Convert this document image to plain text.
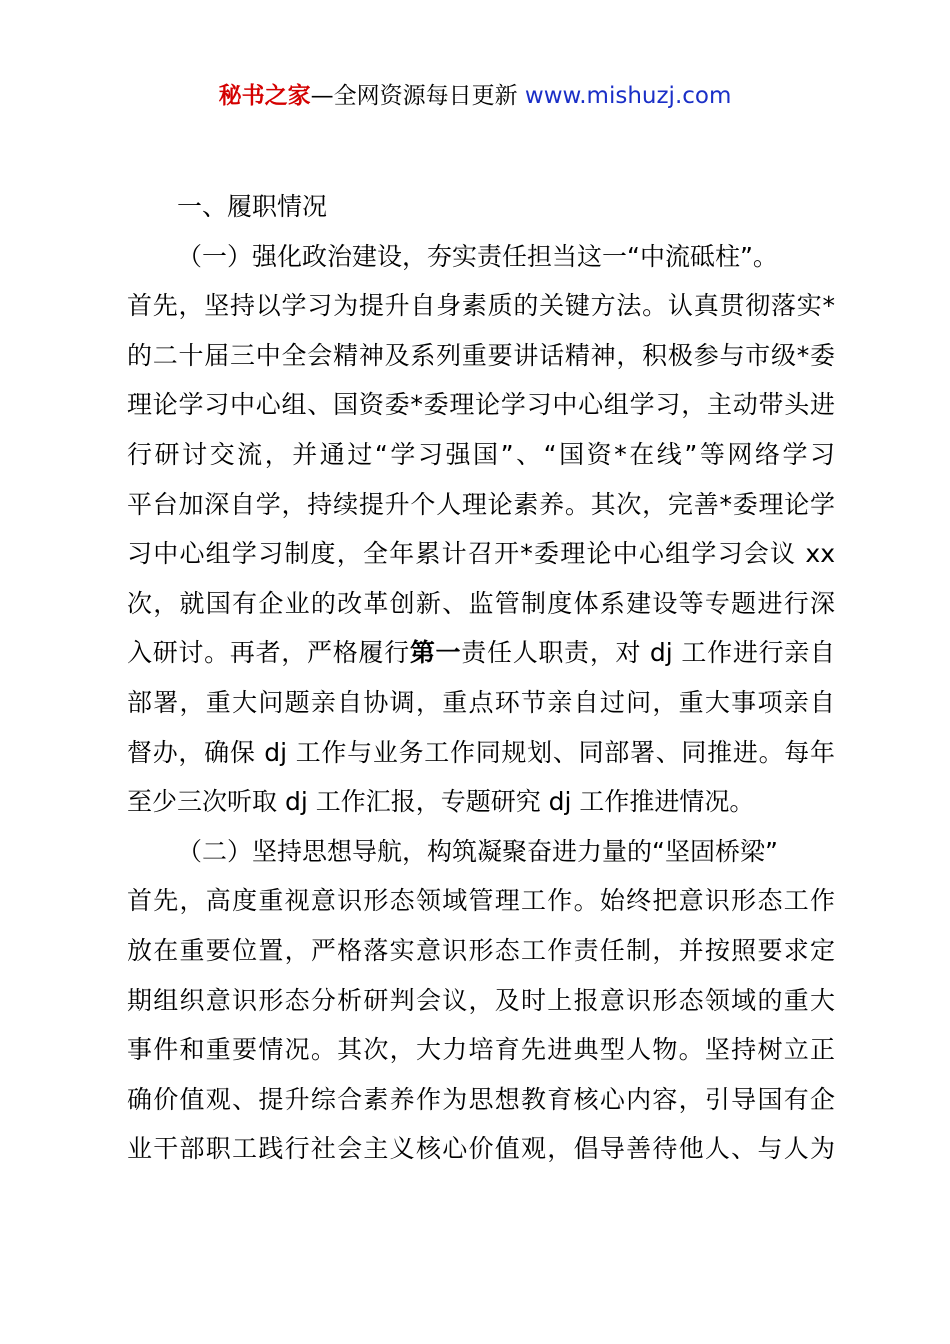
秘书之家—全网资源每日更新 www.mishuzj.com
一、履职情况
（一）强化政治建设，夯实责任担当这一“中流砥柱”。
首先，坚持以学习为提升自身素质的关键方法。认真贯彻落实*
的二十届三中全会精神及系列重要讲话精神，积极参与市级*委
理论学习中心组、国资委*委理论学习中心组学习，主动带头进
行研讨交流，并通过“学习强国”、“国资*在线”等网络学习
平台加深自学，持续提升个人理论素养。其次，完善*委理论学
习中心组学习制度，全年累计召开*委理论中心组学习会议 xx
次，就国有企业的改革创新、监管制度体系建设等专题进行深
入研讨。再者，严格履行第一责任人职责，对 dj 工作进行亲自
部署，重大问题亲自协调，重点环节亲自过问，重大事项亲自
督办，确保 dj 工作与业务工作同规划、同部署、同推进。每年
至少三次听取 dj 工作汇报，专题研究 dj 工作推进情况。
（二）坚持思想导航，构筑凝聚奋进力量的“坚固桥梁”
首先，高度重视意识形态领域管理工作。始终把意识形态工作
放在重要位置，严格落实意识形态工作责任制，并按照要求定
期组织意识形态分析研判会议，及时上报意识形态领域的重大
事件和重要情况。其次，大力培育先进典型人物。坚持树立正
确价值观、提升综合素养作为思想教育核心内容，引导国有企
业干部职工践行社会主义核心价值观，倡导善待他人、与人为
